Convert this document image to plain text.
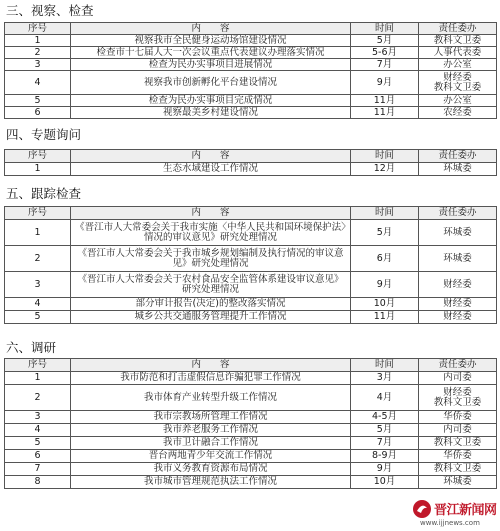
三、视察、检查
序号	内　　容	时间	责任委办
1	视察我市全民健身运动场馆建设情况	5月	教科文卫委
2	检查市十七届人大一次会议重点代表建议办理落实情况	5-6月	人事代表委
3	检查为民办实事项目进展情况	7月	办公室
4	视察我市创新孵化平台建设情况	9月	财经委
教科文卫委
5	检查为民办实事项目完成情况	11月	办公室
6	视察最美乡村建设情况	11月	农经委
四、专题询问
序号	内　　容	时间	责任委办
1	生态水域建设工作情况	12月	环城委
五、跟踪检查
序号	内　　容	时间	责任委办
1	《晋江市人大常委会关于我市实施〈中华人民共和国环境保护法〉情况的审议意见》研究处理情况	5月	环城委
2	《晋江市人大常委会关于我市城乡规划编制及执行情况的审议意见》研究处理情况	6月	环城委
3	《晋江市人大常委会关于农村食品安全监管体系建设审议意见》研究处理情况	9月	财经委
4	部分审计报告(决定)的整改落实情况	10月	财经委
5	城乡公共交通服务管理提升工作情况	11月	财经委
六、调研
序号	内　　容	时间	责任委办
1	我市防范和打击虚假信息诈骗犯罪工作情况	3月	内司委
2	我市体育产业转型升级工作情况	4月	财经委
教科文卫委
3	我市宗教场所管理工作情况	4-5月	华侨委
4	我市养老服务工作情况	5月	内司委
5	我市卫计融合工作情况	7月	教科文卫委
6	晋台两地青少年交流工作情况	8-9月	华侨委
7	我市义务教育资源布局情况	9月	教科文卫委
8	我市城市管理规范执法工作情况	10月	环城委
晋江新闻网
www.ijjnews.com
